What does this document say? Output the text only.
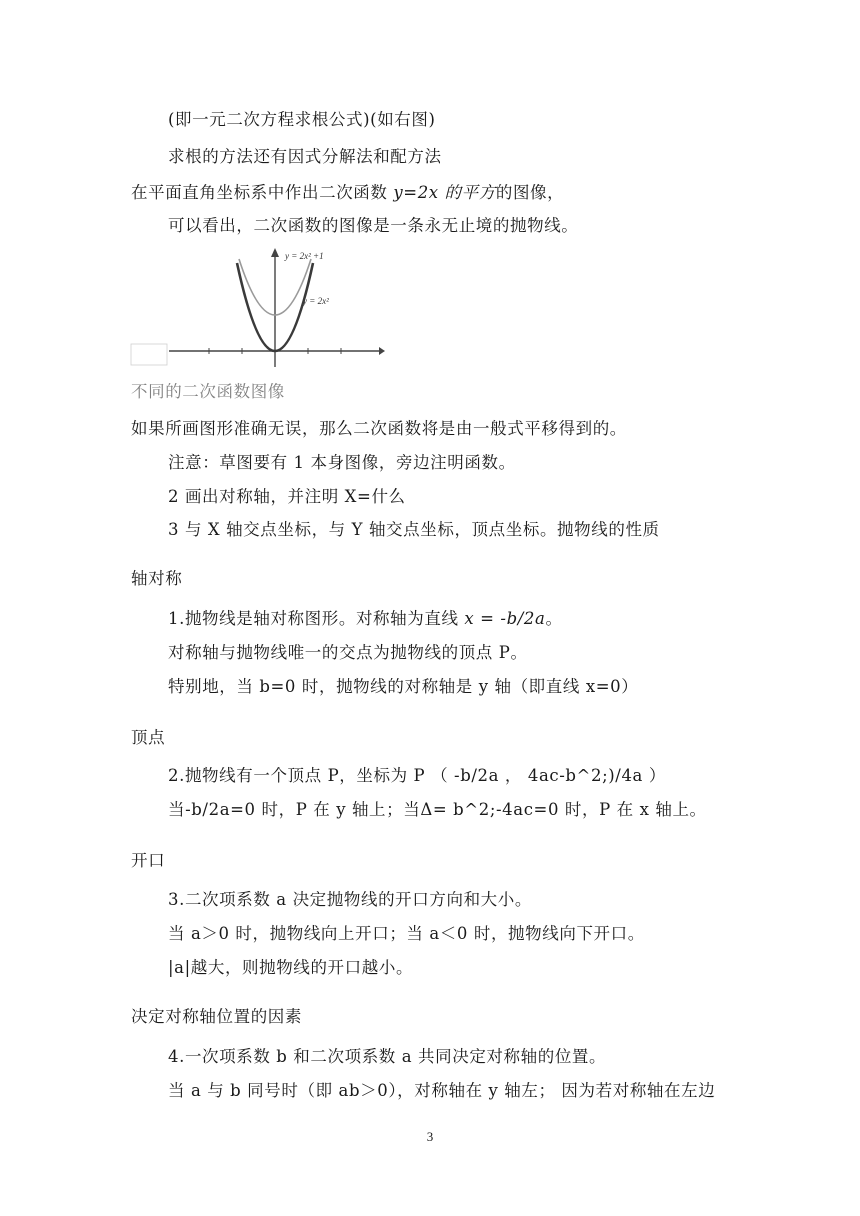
(即一元二次方程求根公式)(如右图)
求根的方法还有因式分解法和配方法
在平面直角坐标系中作出二次函数 y=2x 的平方的图像，
可以看出，二次函数的图像是一条永无止境的抛物线。
y = 2x² +1
y = 2x²
不同的二次函数图像
如果所画图形准确无误，那么二次函数将是由一般式平移得到的。
注意：草图要有 1 本身图像，旁边注明函数。
2 画出对称轴，并注明 X=什么
3 与 X 轴交点坐标，与 Y 轴交点坐标，顶点坐标。抛物线的性质
轴对称
1.抛物线是轴对称图形。对称轴为直线 x = -b/2a。
对称轴与抛物线唯一的交点为抛物线的顶点 P。
特别地，当 b=0 时，抛物线的对称轴是 y 轴（即直线 x=0）
顶点
2.抛物线有一个顶点 P，坐标为 P （ -b/2a ， 4ac-b^2;)/4a ）
当-b/2a=0 时，P 在 y 轴上；当Δ= b^2;-4ac=0 时，P 在 x 轴上。
开口
3.二次项系数 a 决定抛物线的开口方向和大小。
当 a＞0 时，抛物线向上开口；当 a＜0 时，抛物线向下开口。
|a|越大，则抛物线的开口越小。
决定对称轴位置的因素
4.一次项系数 b 和二次项系数 a 共同决定对称轴的位置。
当 a 与 b 同号时（即 ab＞0），对称轴在 y 轴左； 因为若对称轴在左边
3
